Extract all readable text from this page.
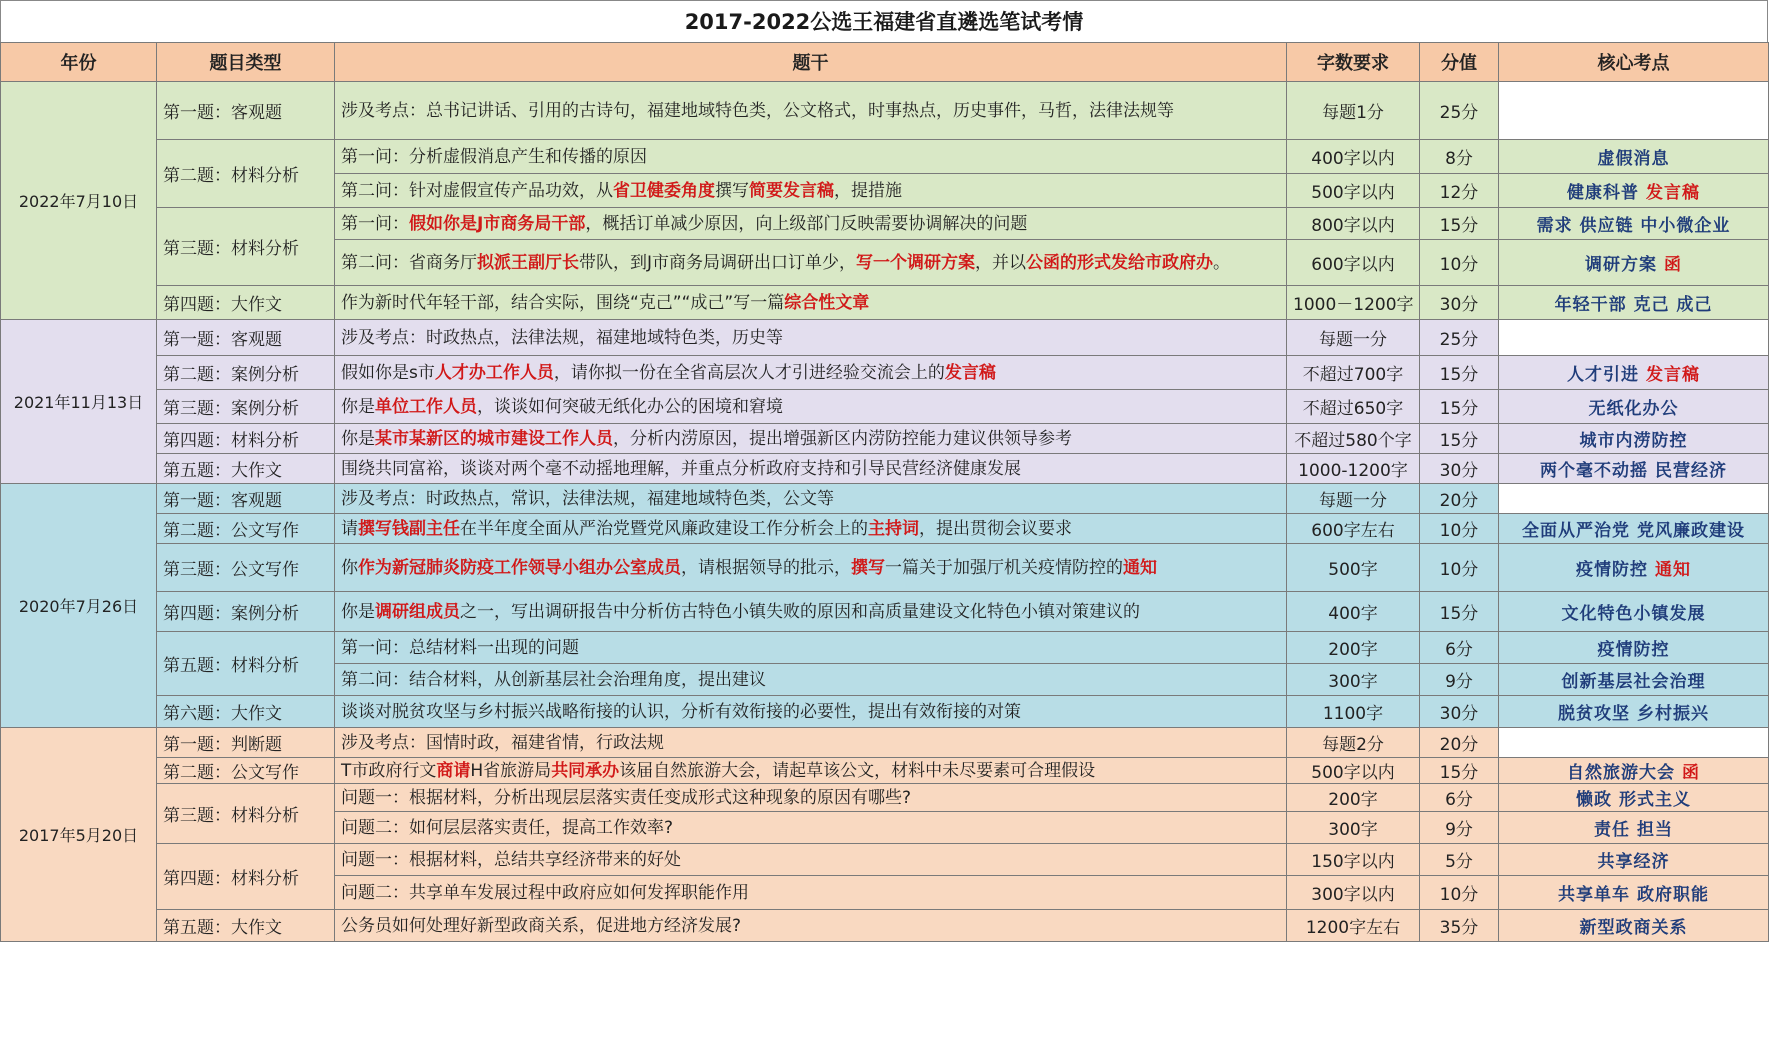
2017-2022公选王福建省直遴选笔试考情
年份	题目类型	题干	字数要求	分值	核心考点
2022年7月10日	第一题：客观题	涉及考点：总书记讲话、引用的古诗句，福建地域特色类，公文格式，时事热点，历史事件，马哲，法律法规等	每题1分	25分	
	第二题：材料分析	第一问：分析虚假消息产生和传播的原因	400字以内	8分	虚假消息
		第二问：针对虚假宣传产品功效，从省卫健委角度撰写简要发言稿，提措施	500字以内	12分	健康科普 发言稿
	第三题：材料分析	第一问：假如你是J市商务局干部，概括订单减少原因，向上级部门反映需要协调解决的问题	800字以内	15分	需求 供应链 中小微企业
		第二问：省商务厅拟派王副厅长带队，到J市商务局调研出口订单少，写一个调研方案，并以公函的形式发给市政府办。	600字以内	10分	调研方案 函
	第四题：大作文	作为新时代年轻干部，结合实际，围绕“克己”“成己”写一篇综合性文章	1000－1200字	30分	年轻干部 克己 成己
2021年11月13日	第一题：客观题	涉及考点：时政热点，法律法规，福建地域特色类，历史等	每题一分	25分	
	第二题：案例分析	假如你是s市人才办工作人员，请你拟一份在全省高层次人才引进经验交流会上的发言稿	不超过700字	15分	人才引进 发言稿
	第三题：案例分析	你是单位工作人员，谈谈如何突破无纸化办公的困境和窘境	不超过650字	15分	无纸化办公
	第四题：材料分析	你是某市某新区的城市建设工作人员，分析内涝原因，提出增强新区内涝防控能力建议供领导参考	不超过580个字	15分	城市内涝防控
	第五题：大作文	围绕共同富裕，谈谈对两个毫不动摇地理解，并重点分析政府支持和引导民营经济健康发展	1000-1200字	30分	两个毫不动摇 民营经济
2020年7月26日	第一题：客观题	涉及考点：时政热点，常识，法律法规，福建地域特色类，公文等	每题一分	20分	
	第二题：公文写作	请撰写钱副主任在半年度全面从严治党暨党风廉政建设工作分析会上的主持词，提出贯彻会议要求	600字左右	10分	全面从严治党 党风廉政建设
	第三题：公文写作	你作为新冠肺炎防疫工作领导小组办公室成员，请根据领导的批示，撰写一篇关于加强厅机关疫情防控的通知	500字	10分	疫情防控 通知
	第四题：案例分析	你是调研组成员之一，写出调研报告中分析仿古特色小镇失败的原因和高质量建设文化特色小镇对策建议的	400字	15分	文化特色小镇发展
	第五题：材料分析	第一问：总结材料一出现的问题	200字	6分	疫情防控
		第二问：结合材料，从创新基层社会治理角度，提出建议	300字	9分	创新基层社会治理
	第六题：大作文	谈谈对脱贫攻坚与乡村振兴战略衔接的认识，分析有效衔接的必要性，提出有效衔接的对策	1100字	30分	脱贫攻坚 乡村振兴
2017年5月20日	第一题：判断题	涉及考点：国情时政，福建省情，行政法规	每题2分	20分	
	第二题：公文写作	T市政府行文商请H省旅游局共同承办该届自然旅游大会，请起草该公文，材料中未尽要素可合理假设	500字以内	15分	自然旅游大会 函
	第三题：材料分析	问题一：根据材料，分析出现层层落实责任变成形式这种现象的原因有哪些?	200字	6分	懒政 形式主义
		问题二：如何层层落实责任，提高工作效率?	300字	9分	责任 担当
	第四题：材料分析	问题一：根据材料，总结共享经济带来的好处	150字以内	5分	共享经济
		问题二：共享单车发展过程中政府应如何发挥职能作用	300字以内	10分	共享单车 政府职能
	第五题：大作文	公务员如何处理好新型政商关系，促进地方经济发展?	1200字左右	35分	新型政商关系
